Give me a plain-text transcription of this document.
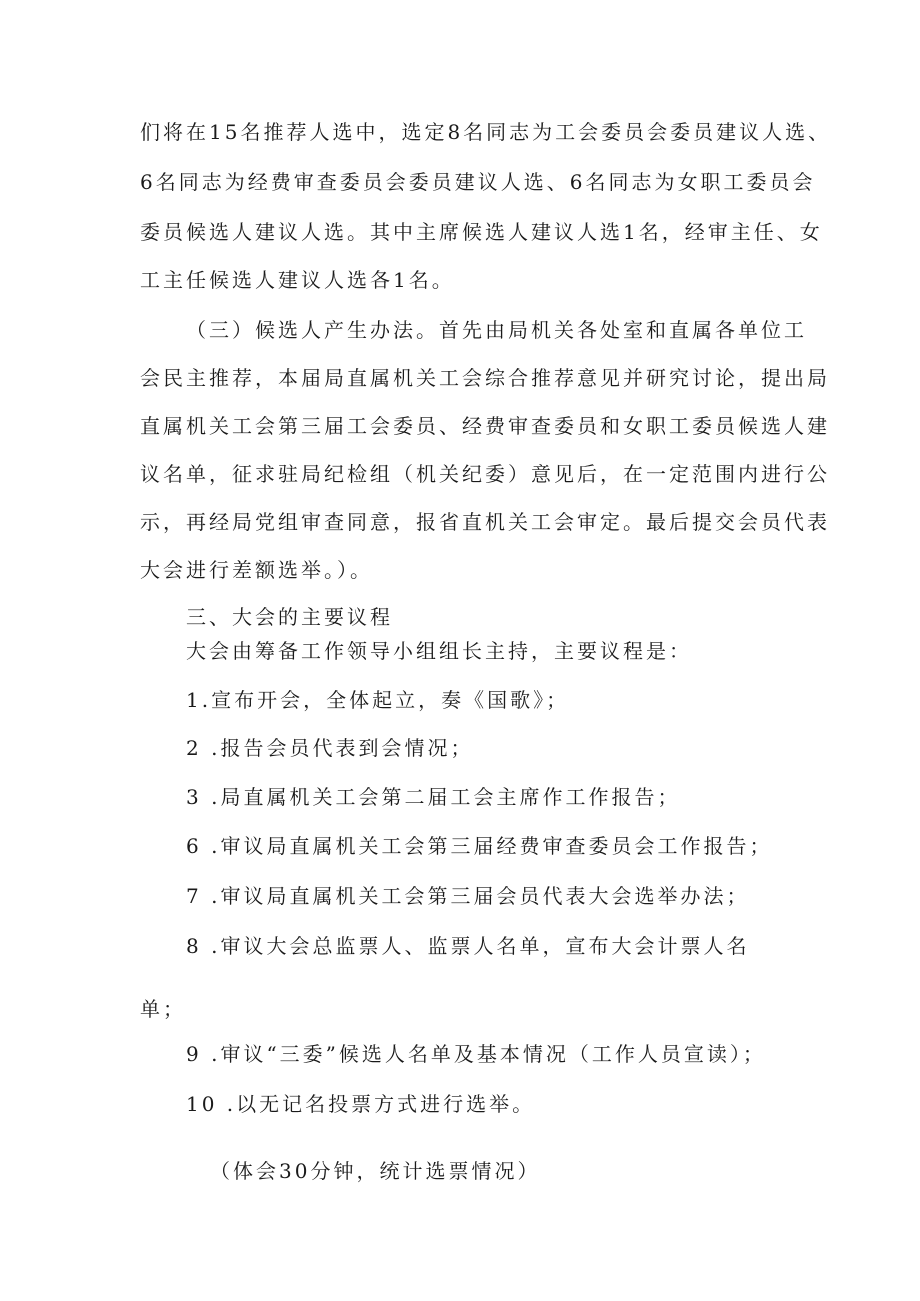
们将在15名推荐人选中，选定8名同志为工会委员会委员建议人选、
6名同志为经费审查委员会委员建议人选、6名同志为女职工委员会
委员候选人建议人选。其中主席候选人建议人选1名，经审主任、女
工主任候选人建议人选各1名。
（三）候选人产生办法。首先由局机关各处室和直属各单位工
会民主推荐，本届局直属机关工会综合推荐意见并研究讨论，提出局
直属机关工会第三届工会委员、经费审查委员和女职工委员候选人建
议名单，征求驻局纪检组（机关纪委）意见后，在一定范围内进行公
示，再经局党组审查同意，报省直机关工会审定。最后提交会员代表
大会进行差额选举。）。
三、大会的主要议程
大会由筹备工作领导小组组长主持，主要议程是：
1.宣布开会，全体起立，奏《国歌》；
2 .报告会员代表到会情况；
3 .局直属机关工会第二届工会主席作工作报告；
6 .审议局直属机关工会第三届经费审查委员会工作报告；
7 .审议局直属机关工会第三届会员代表大会选举办法；
8 .审议大会总监票人、监票人名单，宣布大会计票人名
单；
9 .审议“三委”候选人名单及基本情况（工作人员宣读）；
10 .以无记名投票方式进行选举。
（体会30分钟，统计选票情况）
